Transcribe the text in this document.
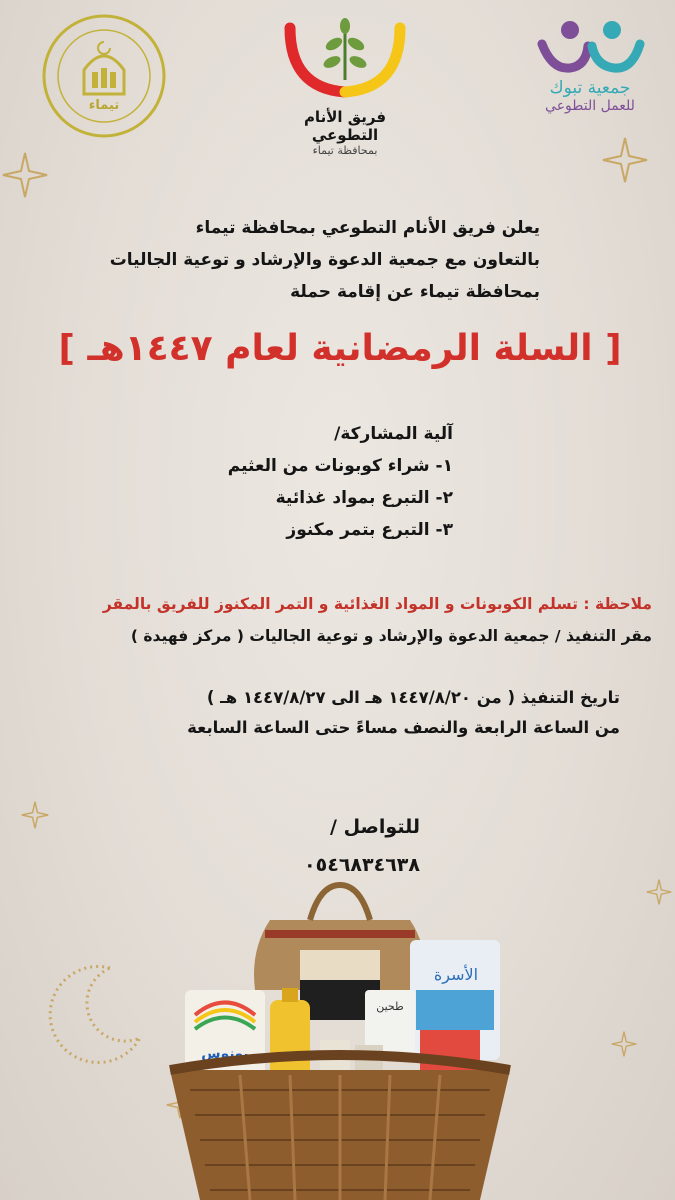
تيماء
فريق الأنام التطوعي
بمحافظة تيماء
جمعية تبوك
للعمل التطوعي
يعلن فريق الأنام التطوعي بمحافظة تيماء
بالتعاون مع جمعية الدعوة والإرشاد و توعية الجاليات
بمحافظة تيماء عن إقامة حملة
[ السلة الرمضانية لعام ١٤٤٧هـ ]
آلية المشاركة/
١- شراء كوبونات من العثيم
٢- التبرع بمواد غذائية
٣- التبرع بتمر مكنوز
ملاحظة : تسلم الكوبونات و المواد الغذائية و التمر المكنوز للفريق بالمقر
مقر التنفيذ / جمعية الدعوة والإرشاد و توعية الجاليات ( مركز فهيدة )
تاريخ التنفيذ ( من ١٤٤٧/٨/٢٠ هـ الى ١٤٤٧/٨/٢٧ هـ )
من الساعة الرابعة والنصف مساءً حتى الساعة السابعة
للتواصل /
٠٥٤٦٨٣٤٦٣٨
الأسرة
طحين
بونوس
